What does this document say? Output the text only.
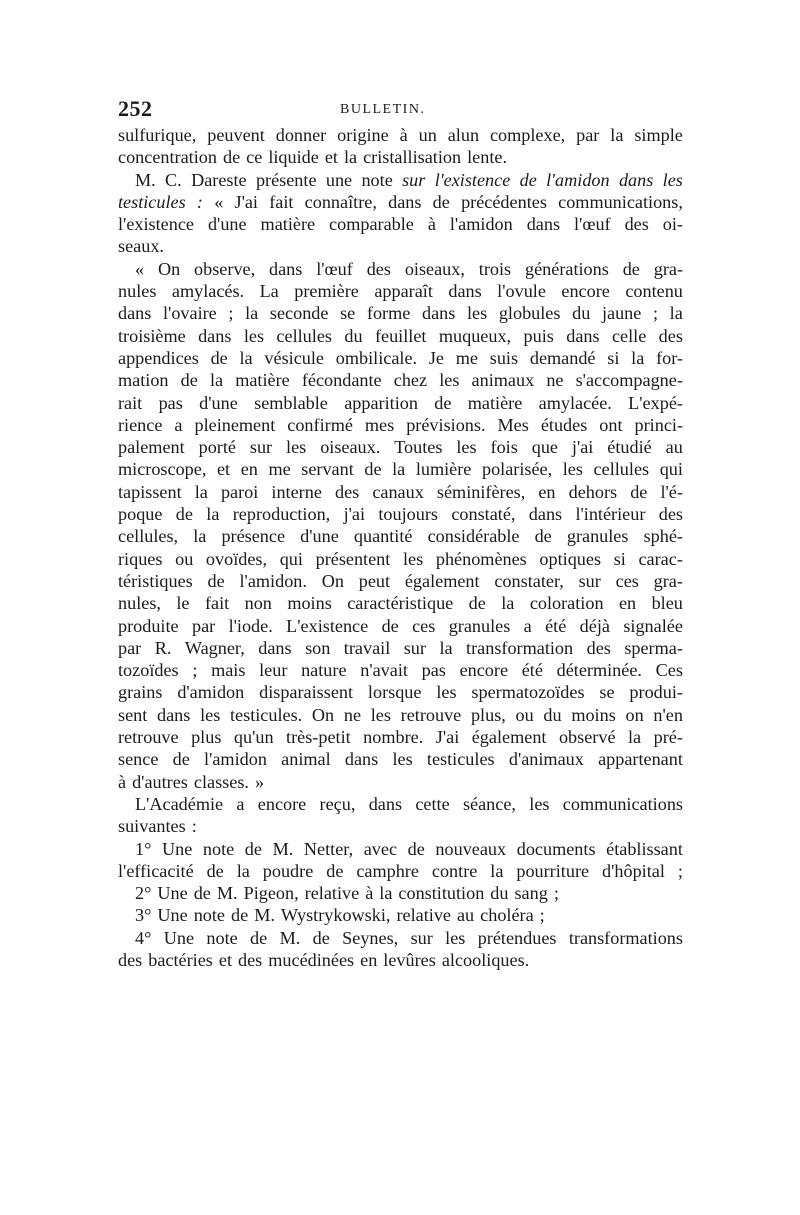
252	BULLETIN.
sulfurique, peuvent donner origine à un alun complexe, par la simple
concentration de ce liquide et la cristallisation lente.
M. C. Dareste présente une note sur l'existence de l'amidon dans les
testicules : « J'ai fait connaître, dans de précédentes communications,
l'existence d'une matière comparable à l'amidon dans l'œuf des oi-
seaux.
« On observe, dans l'œuf des oiseaux, trois générations de gra-
nules amylacés. La première apparaît dans l'ovule encore contenu
dans l'ovaire ; la seconde se forme dans les globules du jaune ; la
troisième dans les cellules du feuillet muqueux, puis dans celle des
appendices de la vésicule ombilicale. Je me suis demandé si la for-
mation de la matière fécondante chez les animaux ne s'accompagne-
rait pas d'une semblable apparition de matière amylacée. L'expé-
rience a pleinement confirmé mes prévisions. Mes études ont princi-
palement porté sur les oiseaux. Toutes les fois que j'ai étudié au
microscope, et en me servant de la lumière polarisée, les cellules qui
tapissent la paroi interne des canaux séminifères, en dehors de l'é-
poque de la reproduction, j'ai toujours constaté, dans l'intérieur des
cellules, la présence d'une quantité considérable de granules sphé-
riques ou ovoïdes, qui présentent les phénomènes optiques si carac-
téristiques de l'amidon. On peut également constater, sur ces gra-
nules, le fait non moins caractéristique de la coloration en bleu
produite par l'iode. L'existence de ces granules a été déjà signalée
par R. Wagner, dans son travail sur la transformation des sperma-
tozoïdes ; mais leur nature n'avait pas encore été déterminée. Ces
grains d'amidon disparaissent lorsque les spermatozoïdes se produi-
sent dans les testicules. On ne les retrouve plus, ou du moins on n'en
retrouve plus qu'un très-petit nombre. J'ai également observé la pré-
sence de l'amidon animal dans les testicules d'animaux appartenant
à d'autres classes. »
L'Académie a encore reçu, dans cette séance, les communications
suivantes :
1° Une note de M. Netter, avec de nouveaux documents établissant
l'efficacité de la poudre de camphre contre la pourriture d'hôpital ;
2° Une de M. Pigeon, relative à la constitution du sang ;
3° Une note de M. Wystrykowski, relative au choléra ;
4° Une note de M. de Seynes, sur les prétendues transformations
des bactéries et des mucédinées en levûres alcooliques.
